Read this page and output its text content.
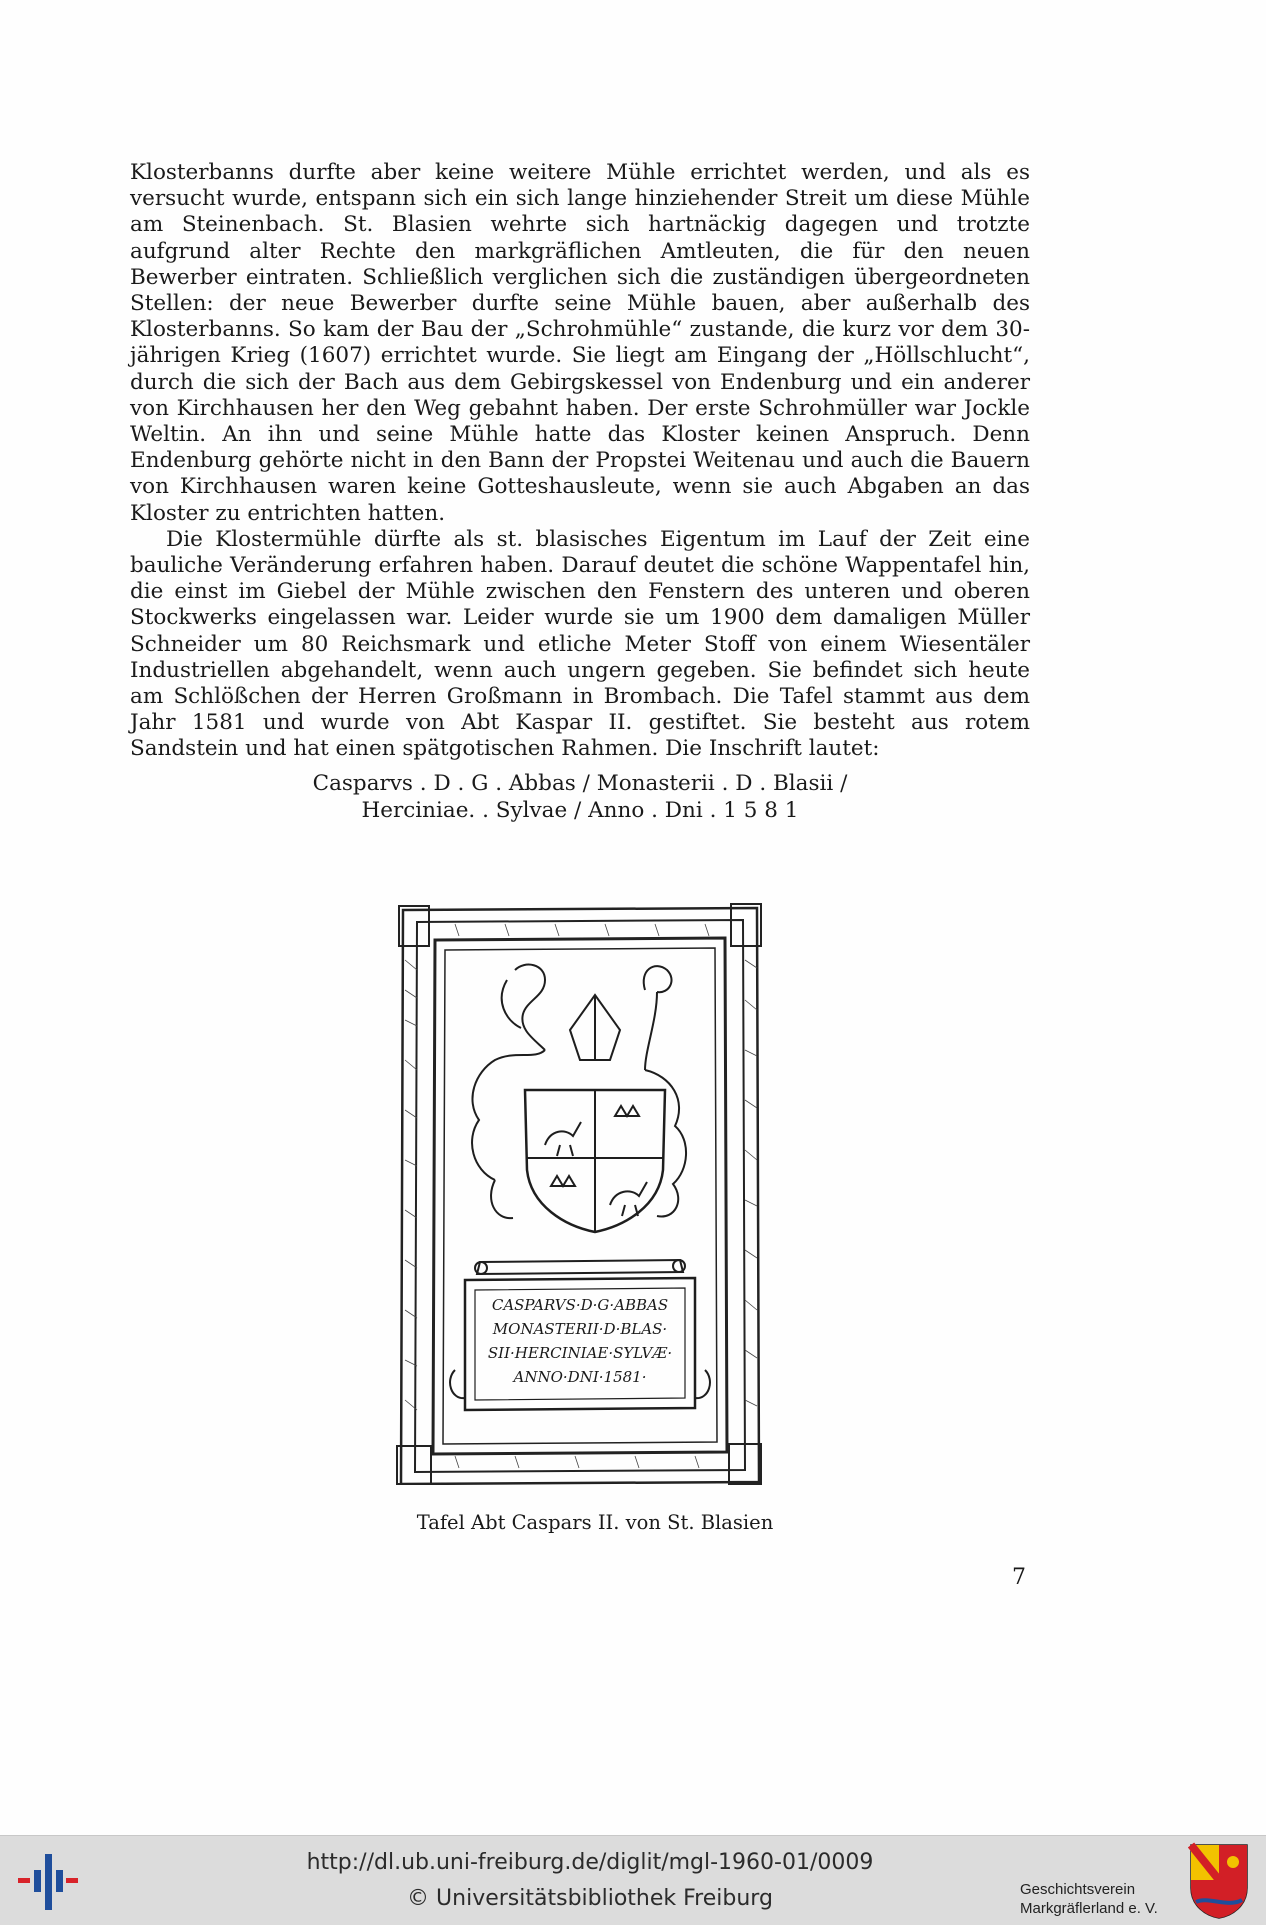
Klosterbanns durfte aber keine weitere Mühle errichtet werden, und als es versucht wurde, entspann sich ein sich lange hinziehender Streit um diese Mühle am Steinenbach. St. Blasien wehrte sich hartnäckig dagegen und trotzte aufgrund alter Rechte den markgräflichen Amtleuten, die für den neuen Bewerber eintraten. Schließlich verglichen sich die zuständigen übergeordneten Stellen: der neue Bewerber durfte seine Mühle bauen, aber außerhalb des Klosterbanns. So kam der Bau der „Schrohmühle“ zustande, die kurz vor dem 30-jährigen Krieg (1607) errichtet wurde. Sie liegt am Eingang der „Höllschlucht“, durch die sich der Bach aus dem Gebirgskessel von Endenburg und ein anderer von Kirchhausen her den Weg gebahnt haben. Der erste Schrohmüller war Jockle Weltin. An ihn und seine Mühle hatte das Kloster keinen Anspruch. Denn Endenburg gehörte nicht in den Bann der Propstei Weitenau und auch die Bauern von Kirchhausen waren keine Gotteshausleute, wenn sie auch Abgaben an das Kloster zu entrichten hatten.

Die Klostermühle dürfte als st. blasisches Eigentum im Lauf der Zeit eine bauliche Veränderung erfahren haben. Darauf deutet die schöne Wappentafel hin, die einst im Giebel der Mühle zwischen den Fenstern des unteren und oberen Stockwerks eingelassen war. Leider wurde sie um 1900 dem damaligen Müller Schneider um 80 Reichsmark und etliche Meter Stoff von einem Wiesentäler Industriellen abgehandelt, wenn auch ungern gegeben. Sie befindet sich heute am Schlößchen der Herren Großmann in Brombach. Die Tafel stammt aus dem Jahr 1581 und wurde von Abt Kaspar II. gestiftet. Sie besteht aus rotem Sandstein und hat einen spätgotischen Rahmen. Die Inschrift lautet:

Casparvs . D . G . Abbas / Monasterii . D . Blasii /
Herciniae. . Sylvae / Anno . Dni . 1 5 8 1
CASPARVS·D·G·ABBAS
MONASTERII·D·BLAS·
SII·HERCINIAE·SYLVÆ·
ANNO·DNI·1581·
Tafel Abt Caspars II. von St. Blasien
7
http://dl.ub.uni-freiburg.de/diglit/mgl-1960-01/0009
© Universitätsbibliothek Freiburg	Geschichtsverein
Markgräflerland e. V.
